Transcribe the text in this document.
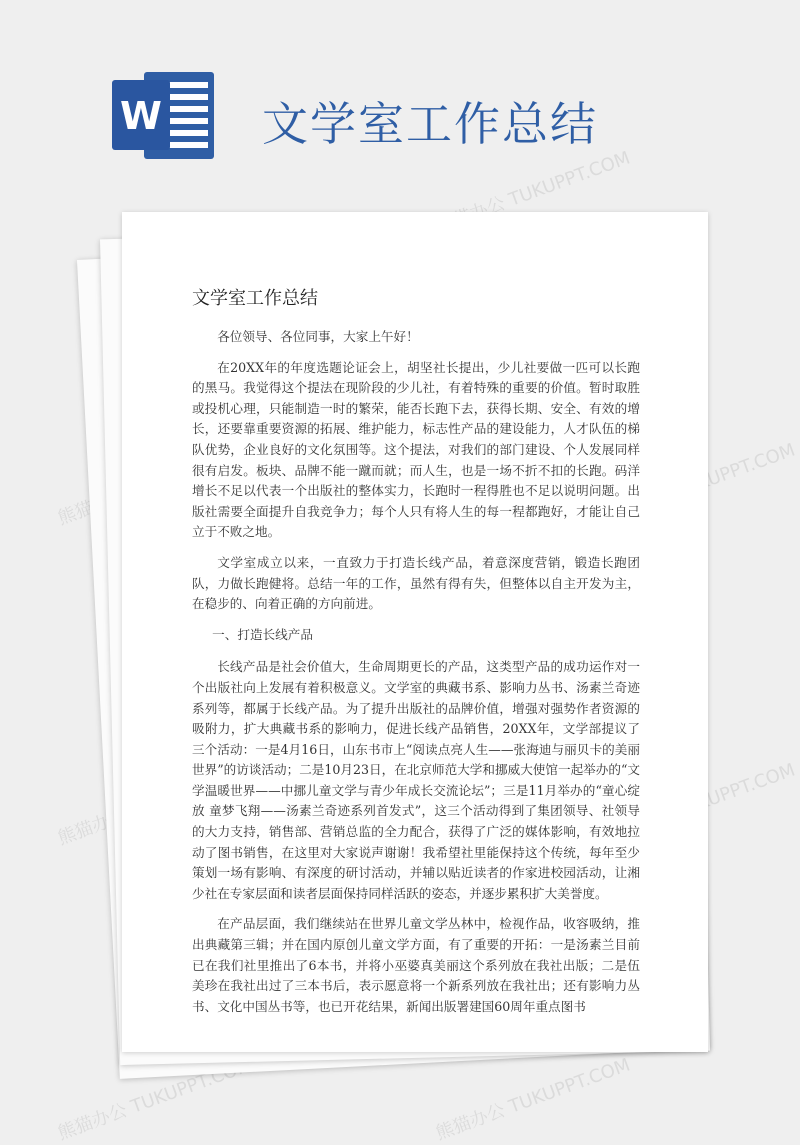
熊猫办公 TUKUPPT.COM
TUKUPPT.COM
熊猫办公
TUKUPPT.COM
熊猫办公 TUKUPPT.COM	熊猫办公 TUKUPPT.COM
W 文学室工作总结
文学室工作总结

各位领导、各位同事，大家上午好！

在20XX年的年度选题论证会上，胡坚社长提出，少儿社要做一匹可以长跑的黑马。我觉得这个提法在现阶段的少儿社，有着特殊的重要的价值。暂时取胜或投机心理，只能制造一时的繁荣，能否长跑下去，获得长期、安全、有效的增长，还要靠重要资源的拓展、维护能力，标志性产品的建设能力，人才队伍的梯队优势，企业良好的文化氛围等。这个提法，对我们的部门建设、个人发展同样很有启发。板块、品牌不能一蹴而就；而人生，也是一场不折不扣的长跑。码洋增长不足以代表一个出版社的整体实力，长跑时一程得胜也不足以说明问题。出版社需要全面提升自我竞争力；每个人只有将人生的每一程都跑好，才能让自己立于不败之地。

文学室成立以来，一直致力于打造长线产品，着意深度营销，锻造长跑团队，力做长跑健将。总结一年的工作，虽然有得有失，但整体以自主开发为主，在稳步的、向着正确的方向前进。

一、打造长线产品

长线产品是社会价值大，生命周期更长的产品，这类型产品的成功运作对一个出版社向上发展有着积极意义。文学室的典藏书系、影响力丛书、汤素兰奇迹系列等，都属于长线产品。为了提升出版社的品牌价值，增强对强势作者资源的吸附力，扩大典藏书系的影响力，促进长线产品销售，20XX年，文学部提议了三个活动：一是4月16日，山东书市上“阅读点亮人生——张海迪与丽贝卡的美丽世界”的访谈活动；二是10月23日，在北京师范大学和挪威大使馆一起举办的“文学温暖世界——中挪儿童文学与青少年成长交流论坛”；三是11月举办的“童心绽放 童梦飞翔——汤素兰奇迹系列首发式”，这三个活动得到了集团领导、社领导的大力支持，销售部、营销总监的全力配合，获得了广泛的媒体影响，有效地拉动了图书销售，在这里对大家说声谢谢！我希望社里能保持这个传统，每年至少策划一场有影响、有深度的研讨活动，并辅以贴近读者的作家进校园活动，让湘少社在专家层面和读者层面保持同样活跃的姿态，并逐步累积扩大美誉度。

在产品层面，我们继续站在世界儿童文学丛林中，检视作品，收容吸纳，推出典藏第三辑；并在国内原创儿童文学方面，有了重要的开拓：一是汤素兰目前已在我们社里推出了6本书，并将小巫婆真美丽这个系列放在我社出版；二是伍美珍在我社出过了三本书后，表示愿意将一个新系列放在我社出；还有影响力丛书、文化中国丛书等，也已开花结果，新闻出版署建国60周年重点图书
